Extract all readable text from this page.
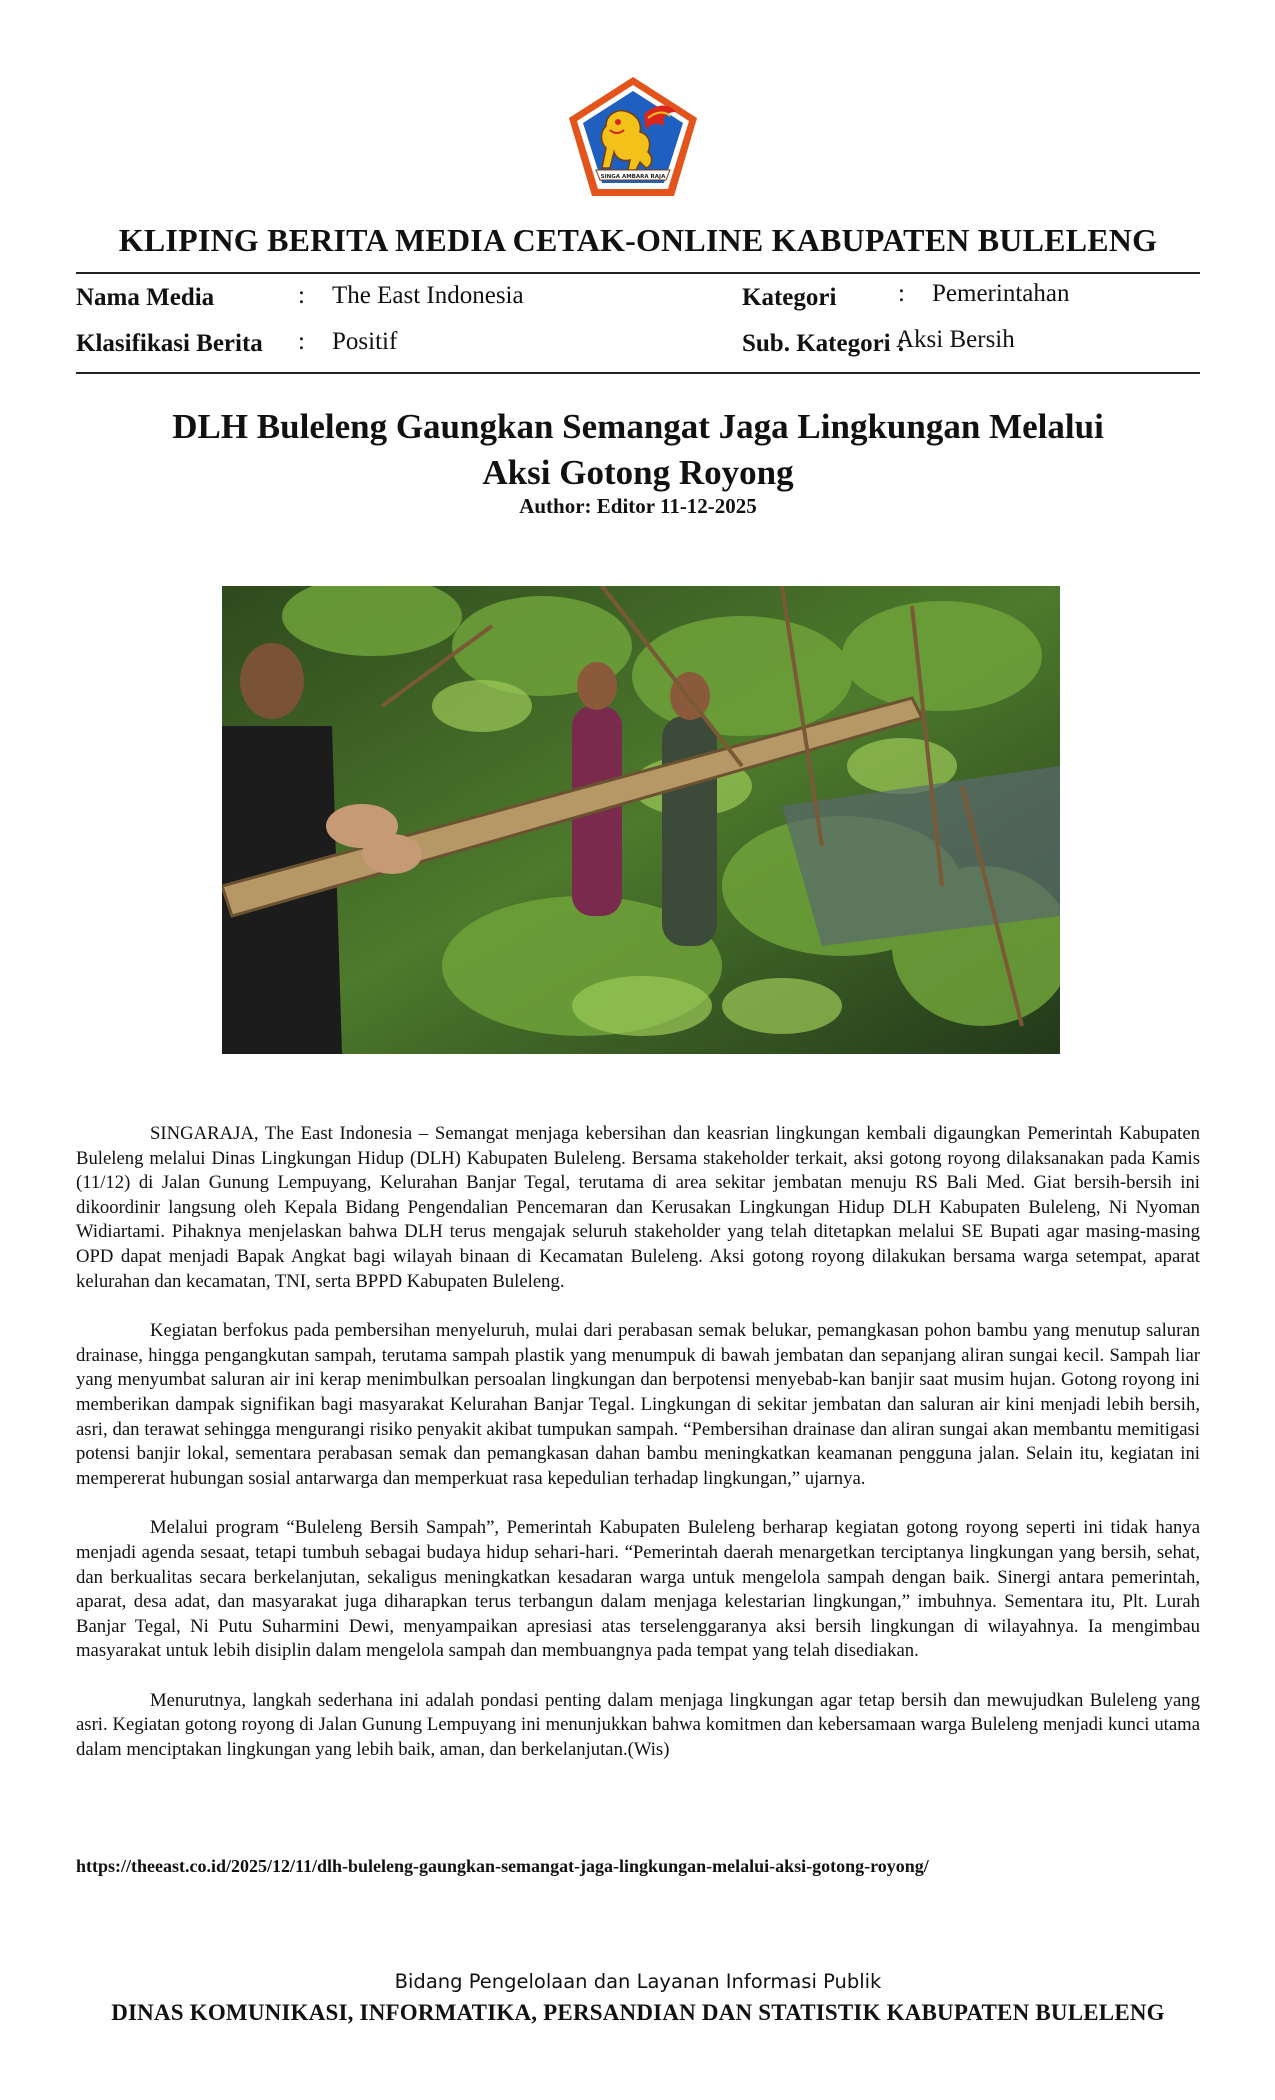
SINGA AMBARA RAJA
KLIPING BERITA MEDIA CETAK-ONLINE KABUPATEN BULELENG
Nama Media	: The East Indonesia
Klasifikasi Berita : Positif
Kategori : Pemerintahan
Sub. Kategori :
Aksi Bersih
DLH Buleleng Gaungkan Semangat Jaga Lingkungan Melalui
Aksi Gotong Royong
Author: Editor 11-12-2025

SINGARAJA, The East Indonesia – Semangat menjaga kebersihan dan keasrian lingkungan kembali digaungkan Pemerintah Kabupaten Buleleng melalui Dinas Lingkungan Hidup (DLH) Kabupaten Buleleng. Bersama stakeholder terkait, aksi gotong royong dilaksanakan pada Kamis (11/12) di Jalan Gunung Lempuyang, Kelurahan Banjar Tegal, terutama di area sekitar jembatan menuju RS Bali Med. Giat bersih-bersih ini dikoordinir langsung oleh Kepala Bidang Pengendalian Pencemaran dan Kerusakan Lingkungan Hidup DLH Kabupaten Buleleng, Ni Nyoman Widiartami. Pihaknya menjelaskan bahwa DLH terus mengajak seluruh stakeholder yang telah ditetapkan melalui SE Bupati agar masing-masing OPD dapat menjadi Bapak Angkat bagi wilayah binaan di Kecamatan Buleleng. Aksi gotong royong dilakukan bersama warga setempat, aparat kelurahan dan kecamatan, TNI, serta BPPD Kabupaten Buleleng.

Kegiatan berfokus pada pembersihan menyeluruh, mulai dari perabasan semak belukar, pemangkasan pohon bambu yang menutup saluran drainase, hingga pengangkutan sampah, terutama sampah plastik yang menumpuk di bawah jembatan dan sepanjang aliran sungai kecil. Sampah liar yang menyumbat saluran air ini kerap menimbulkan persoalan lingkungan dan berpotensi menyebab-kan banjir saat musim hujan. Gotong royong ini memberikan dampak signifikan bagi masyarakat Kelurahan Banjar Tegal. Lingkungan di sekitar jembatan dan saluran air kini menjadi lebih bersih, asri, dan terawat sehingga mengurangi risiko penyakit akibat tumpukan sampah. “Pembersihan drainase dan aliran sungai akan membantu memitigasi potensi banjir lokal, sementara perabasan semak dan pemangkasan dahan bambu meningkatkan keamanan pengguna jalan. Selain itu, kegiatan ini mempererat hubungan sosial antarwarga dan memperkuat rasa kepedulian terhadap lingkungan,” ujarnya.

Melalui program “Buleleng Bersih Sampah”, Pemerintah Kabupaten Buleleng berharap kegiatan gotong royong seperti ini tidak hanya menjadi agenda sesaat, tetapi tumbuh sebagai budaya hidup sehari-hari. “Pemerintah daerah menargetkan terciptanya lingkungan yang bersih, sehat, dan berkualitas secara berkelanjutan, sekaligus meningkatkan kesadaran warga untuk mengelola sampah dengan baik. Sinergi antara pemerintah, aparat, desa adat, dan masyarakat juga diharapkan terus terbangun dalam menjaga kelestarian lingkungan,” imbuhnya. Sementara itu, Plt. Lurah Banjar Tegal, Ni Putu Suharmini Dewi, menyampaikan apresiasi atas terselenggaranya aksi bersih lingkungan di wilayahnya. Ia mengimbau masyarakat untuk lebih disiplin dalam mengelola sampah dan membuangnya pada tempat yang telah disediakan.

Menurutnya, langkah sederhana ini adalah pondasi penting dalam menjaga lingkungan agar tetap bersih dan mewujudkan Buleleng yang asri. Kegiatan gotong royong di Jalan Gunung Lempuyang ini menunjukkan bahwa komitmen dan kebersamaan warga Buleleng menjadi kunci utama dalam menciptakan lingkungan yang lebih baik, aman, dan berkelanjutan.(Wis)

https://theeast.co.id/2025/12/11/dlh-buleleng-gaungkan-semangat-jaga-lingkungan-melalui-aksi-gotong-royong/
Bidang Pengelolaan dan Layanan Informasi Publik
DINAS KOMUNIKASI, INFORMATIKA, PERSANDIAN DAN STATISTIK KABUPATEN BULELENG
